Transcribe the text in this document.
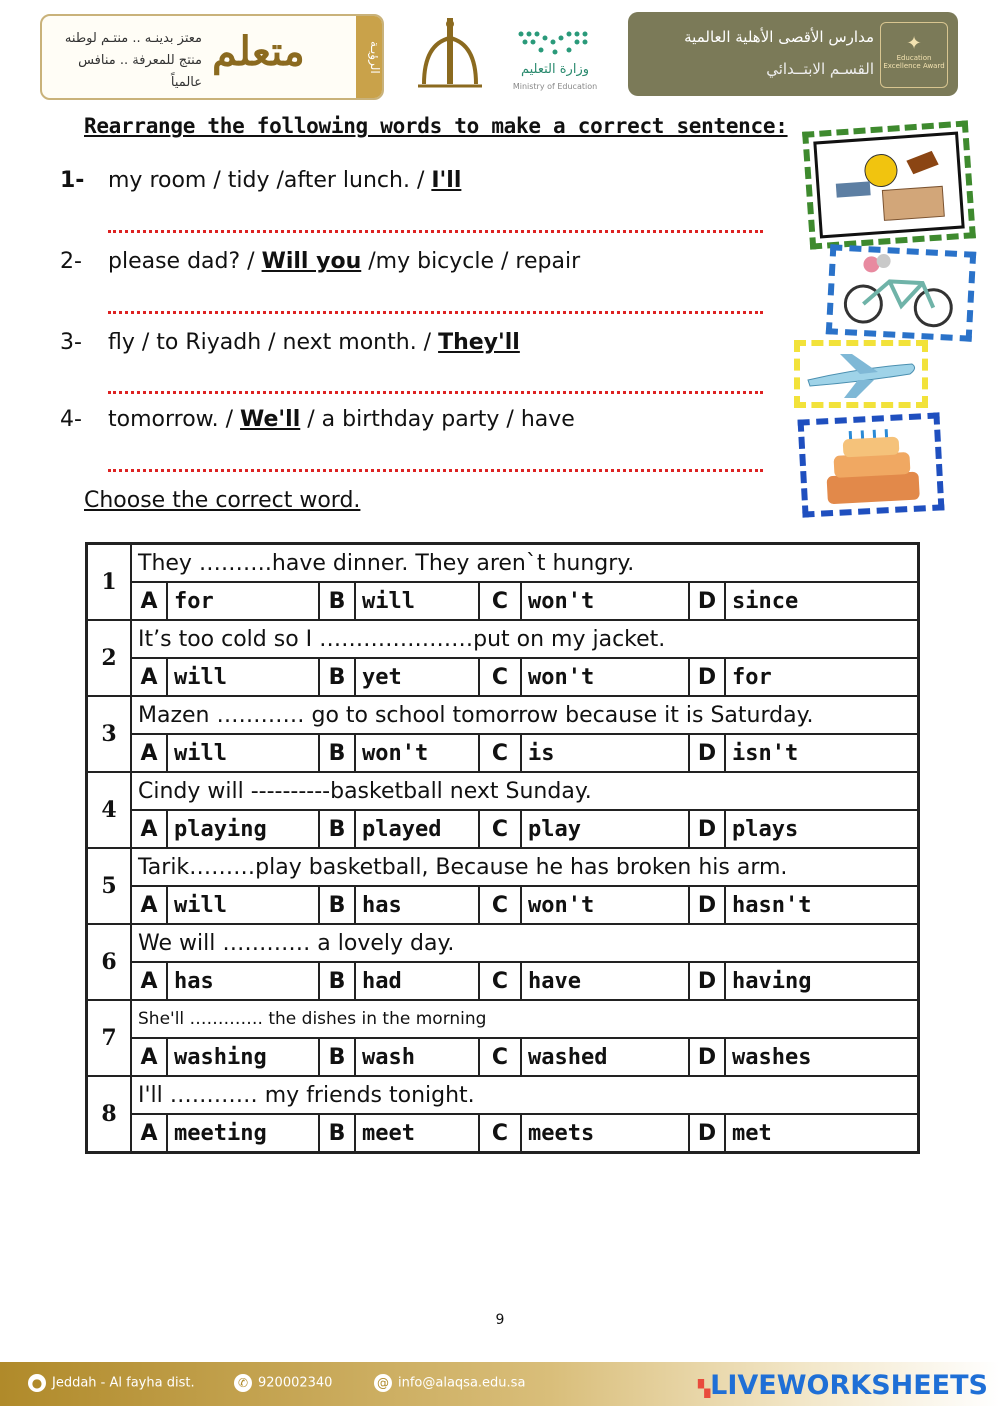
معتز بدينـه .. منتـم لوطنه
منتج للمعرفة .. منافس عالمياً
متعلم	الرؤيـة	وزارة التعليم
Ministry of Education
مدارس الأقصى الأهلية العالمية
القسـم الابتــدائي
✦
Education Excellence Award
Rearrange the following words to make a correct sentence:
1- my room / tidy /after lunch. / I'll
2- please dad? / Will you /my bicycle / repair
3- fly / to Riyadh / next month. / They'll
4- tomorrow. / We'll / a birthday party / have
Choose the correct word.
1	They ……….have dinner. They aren`t hungry.							
	A	for	B	will	C	won't	D	since
2	It’s too cold so I …………………put on my jacket.							
	A	will	B	yet	C	won't	D	for
3	Mazen ………… go to school tomorrow because it is Saturday.							
	A	will	B	won't	C	is	D	isn't
4	Cindy will ----------basketball next Sunday.							
	A	playing	B	played	C	play	D	plays
5	Tarik………play basketball, Because he has broken his arm.							
	A	will	B	has	C	won't	D	hasn't
6	We will ………… a lovely day.							
	A	has	B	had	C	have	D	having
7	She'll …………. the dishes in the morning							
	A	washing	B	wash	C	washed	D	washes
8	I'll ………… my friends tonight.							
	A	meeting	B	meet	C	meets	D	met
9
● Jeddah - Al fayha dist.	✆ 920002340	@ info@alaqsa.edu.sa	▚LIVEWORKSHEETS
